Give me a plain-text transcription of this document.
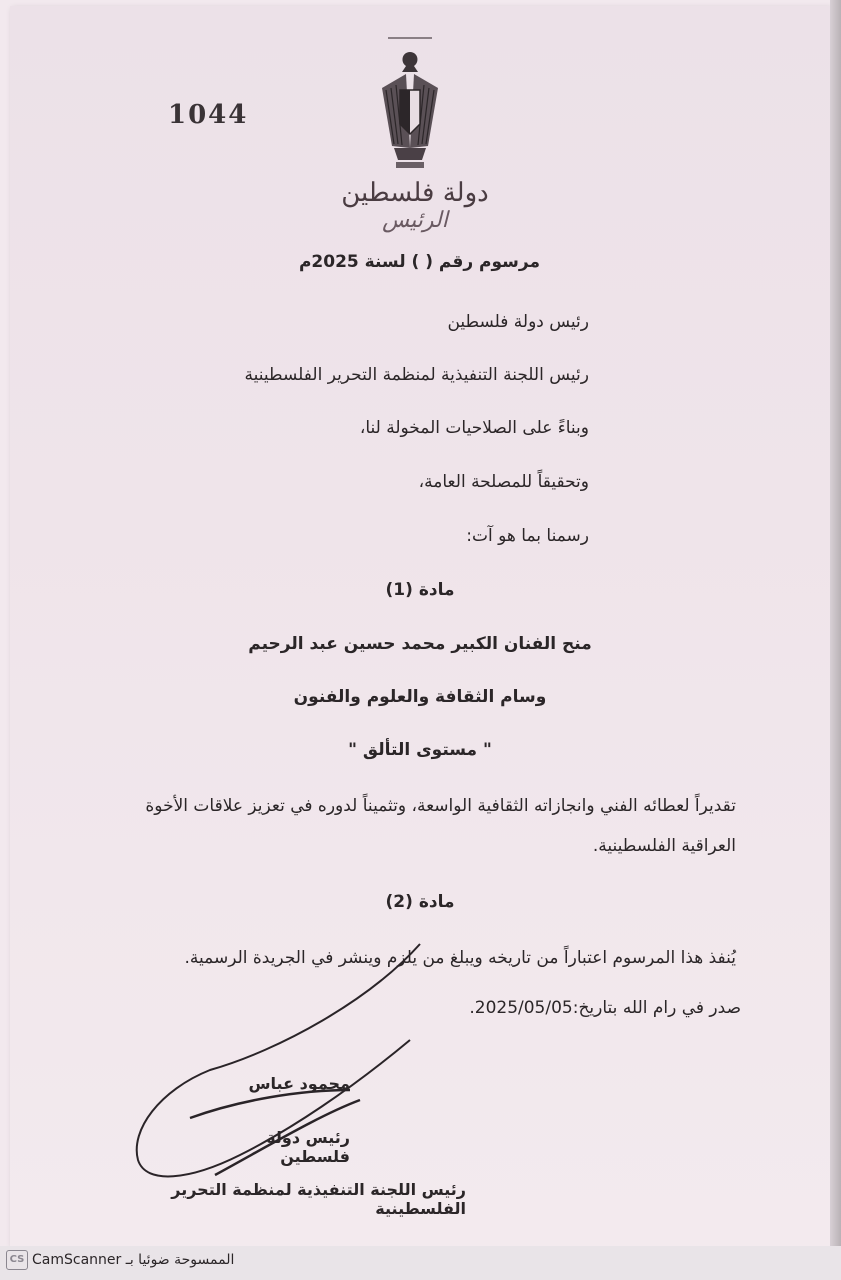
1044
دولة فلسطين
الرئيس
مرسوم رقم ( ) لسنة 2025م
رئيس دولة فلسطين
رئيس اللجنة التنفيذية لمنظمة التحرير الفلسطينية
وبناءً على الصلاحيات المخولة لنا،
وتحقيقاً للمصلحة العامة،
رسمنا بما هو آت:
مادة (1)
منح الفنان الكبير محمد حسين عبد الرحيم
وسام الثقافة والعلوم والفنون
" مستوى التألق "
تقديراً لعطائه الفني وانجازاته الثقافية الواسعة، وتثميناً لدوره في تعزيز علاقات الأخوة العراقية الفلسطينية.
مادة (2)
يُنفذ هذا المرسوم اعتباراً من تاريخه ويبلغ من يلزم وينشر في الجريدة الرسمية.
صدر في رام الله بتاريخ:2025/05/05.
محمود عباس
رئيس دولة فلسطين
رئيس اللجنة التنفيذية لمنظمة التحرير الفلسطينية
CS الممسوحة ضوئيا بـ CamScanner
